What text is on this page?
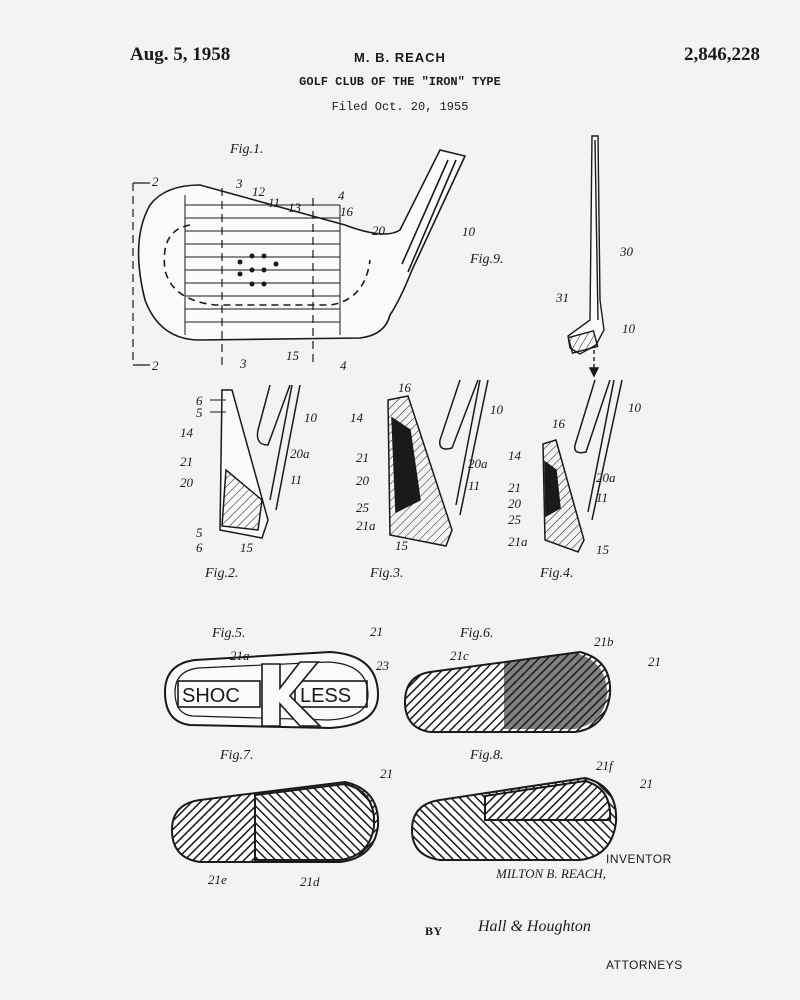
Aug. 5, 1958	M. B. REACH	2,846,228
GOLF CLUB OF THE "IRON" TYPE
Filed Oct. 20, 1955
2
2
3
3
12
11 13
4
16
20	10
15
4
30
31
10
6
5
14
21
20
5
6	15
10
20a
11
16
14
21
20
25
21a
15
10
20a
11
16
14
21
20
25
21a
15
10
20a
11
SHOC	LESS
21a
21
23
21c
21b
21
21
21e	21d
21f
21
Fig.1.
Fig.9.
Fig.2.	Fig.3.	Fig.4.
Fig.5.	Fig.6.
Fig.7.	Fig.8.
INVENTOR
MILTON B. REACH,
BY Hall & Houghton
ATTORNEYS
